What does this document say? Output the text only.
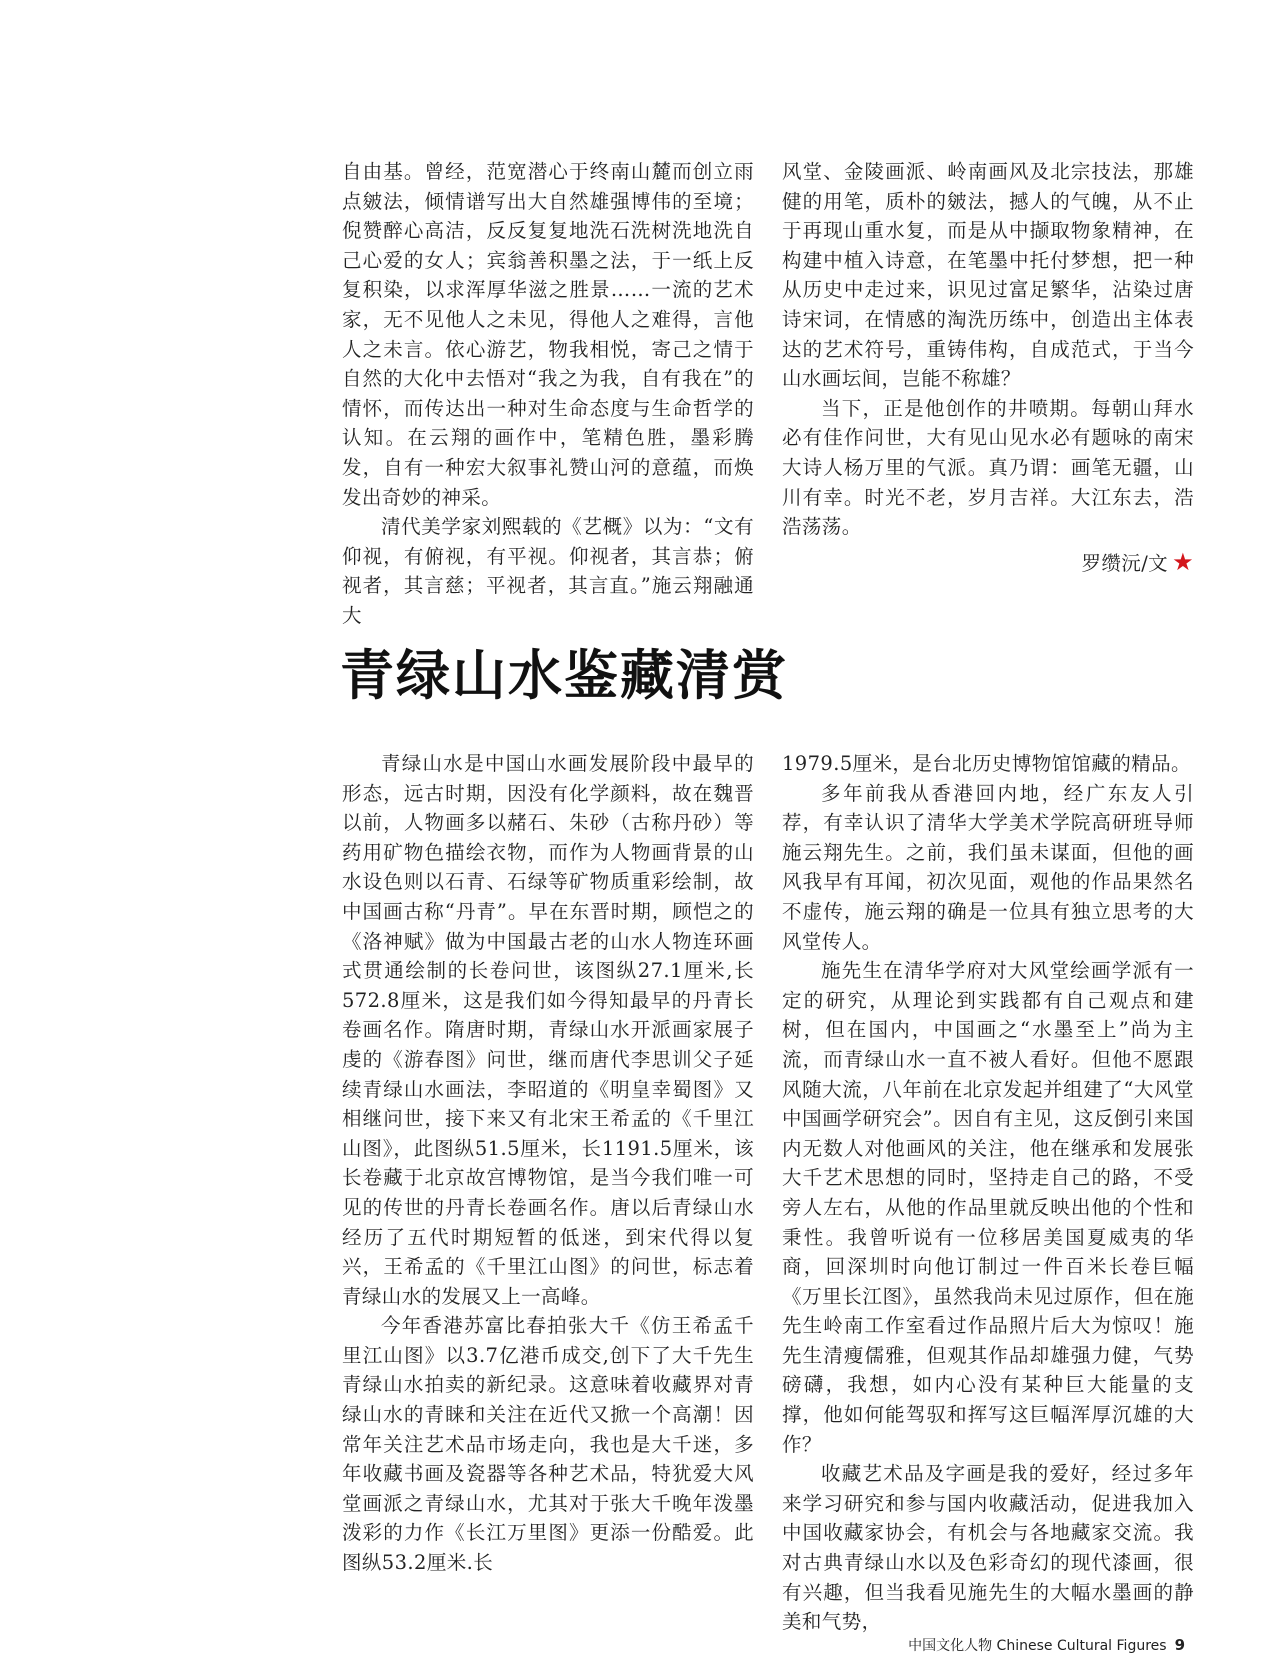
自由基。曾经，范宽潜心于终南山麓而创立雨点皴法，倾情谱写出大自然雄强博伟的至境；倪赞醉心高洁，反反复复地洗石洗树洗地洗自己心爱的女人；宾翁善积墨之法，于一纸上反复积染，以求浑厚华滋之胜景……一流的艺术家，无不见他人之未见，得他人之难得，言他人之未言。依心游艺，物我相悦，寄己之情于自然的大化中去悟对“我之为我，自有我在”的情怀，而传达出一种对生命态度与生命哲学的认知。在云翔的画作中，笔精色胜，墨彩腾发，自有一种宏大叙事礼赞山河的意蕴，而焕发出奇妙的神采。

清代美学家刘熙载的《艺概》以为：“文有仰视，有俯视，有平视。仰视者，其言恭；俯视者，其言慈；平视者，其言直。”施云翔融通大

风堂、金陵画派、岭南画风及北宗技法，那雄健的用笔，质朴的皴法，撼人的气魄，从不止于再现山重水复，而是从中撷取物象精神，在构建中植入诗意，在笔墨中托付梦想，把一种从历史中走过来，识见过富足繁华，沾染过唐诗宋词，在情感的淘洗历练中，创造出主体表达的艺术符号，重铸伟构，自成范式，于当今山水画坛间，岂能不称雄？

当下，正是他创作的井喷期。每朝山拜水必有佳作问世，大有见山见水必有题咏的南宋大诗人杨万里的气派。真乃谓：画笔无疆，山川有幸。时光不老，岁月吉祥。大江东去，浩浩荡荡。

罗缵沅/文 ★

青绿山水鉴藏清赏

青绿山水是中国山水画发展阶段中最早的形态，远古时期，因没有化学颜料，故在魏晋以前，人物画多以赭石、朱砂（古称丹砂）等药用矿物色描绘衣物，而作为人物画背景的山水设色则以石青、石绿等矿物质重彩绘制，故中国画古称“丹青”。早在东晋时期，顾恺之的《洛神赋》做为中国最古老的山水人物连环画式贯通绘制的长卷问世，该图纵27.1厘米,长572.8厘米，这是我们如今得知最早的丹青长卷画名作。隋唐时期，青绿山水开派画家展子虔的《游春图》问世，继而唐代李思训父子延续青绿山水画法，李昭道的《明皇幸蜀图》又相继问世，接下来又有北宋王希孟的《千里江山图》，此图纵51.5厘米，长1191.5厘米，该长卷藏于北京故宫博物馆，是当今我们唯一可见的传世的丹青长卷画名作。唐以后青绿山水经历了五代时期短暂的低迷，到宋代得以复兴，王希孟的《千里江山图》的问世，标志着青绿山水的发展又上一高峰。

今年香港苏富比春拍张大千《仿王希孟千里江山图》以3.7亿港币成交,创下了大千先生青绿山水拍卖的新纪录。这意味着收藏界对青绿山水的青睐和关注在近代又掀一个高潮！因常年关注艺术品市场走向，我也是大千迷，多年收藏书画及瓷器等各种艺术品，特犹爱大风堂画派之青绿山水，尤其对于张大千晚年泼墨泼彩的力作《长江万里图》更添一份酷爱。此图纵53.2厘米.长

1979.5厘米，是台北历史博物馆馆藏的精品。

多年前我从香港回内地，经广东友人引荐，有幸认识了清华大学美术学院高研班导师施云翔先生。之前，我们虽未谋面，但他的画风我早有耳闻，初次见面，观他的作品果然名不虚传，施云翔的确是一位具有独立思考的大风堂传人。

施先生在清华学府对大风堂绘画学派有一定的研究，从理论到实践都有自己观点和建树，但在国内，中国画之“水墨至上”尚为主流，而青绿山水一直不被人看好。但他不愿跟风随大流，八年前在北京发起并组建了“大风堂中国画学研究会”。因自有主见，这反倒引来国内无数人对他画风的关注，他在继承和发展张大千艺术思想的同时，坚持走自己的路，不受旁人左右，从他的作品里就反映出他的个性和秉性。我曾听说有一位移居美国夏威夷的华商，回深圳时向他订制过一件百米长卷巨幅《万里长江图》，虽然我尚未见过原作，但在施先生岭南工作室看过作品照片后大为惊叹！施先生清瘦儒雅，但观其作品却雄强力健，气势磅礴，我想，如内心没有某种巨大能量的支撑，他如何能驾驭和挥写这巨幅浑厚沉雄的大作？

收藏艺术品及字画是我的爱好，经过多年来学习研究和参与国内收藏活动，促进我加入中国收藏家协会，有机会与各地藏家交流。我对古典青绿山水以及色彩奇幻的现代漆画，很有兴趣，但当我看见施先生的大幅水墨画的静美和气势，

中国文化人物 Chinese Cultural Figures 9
